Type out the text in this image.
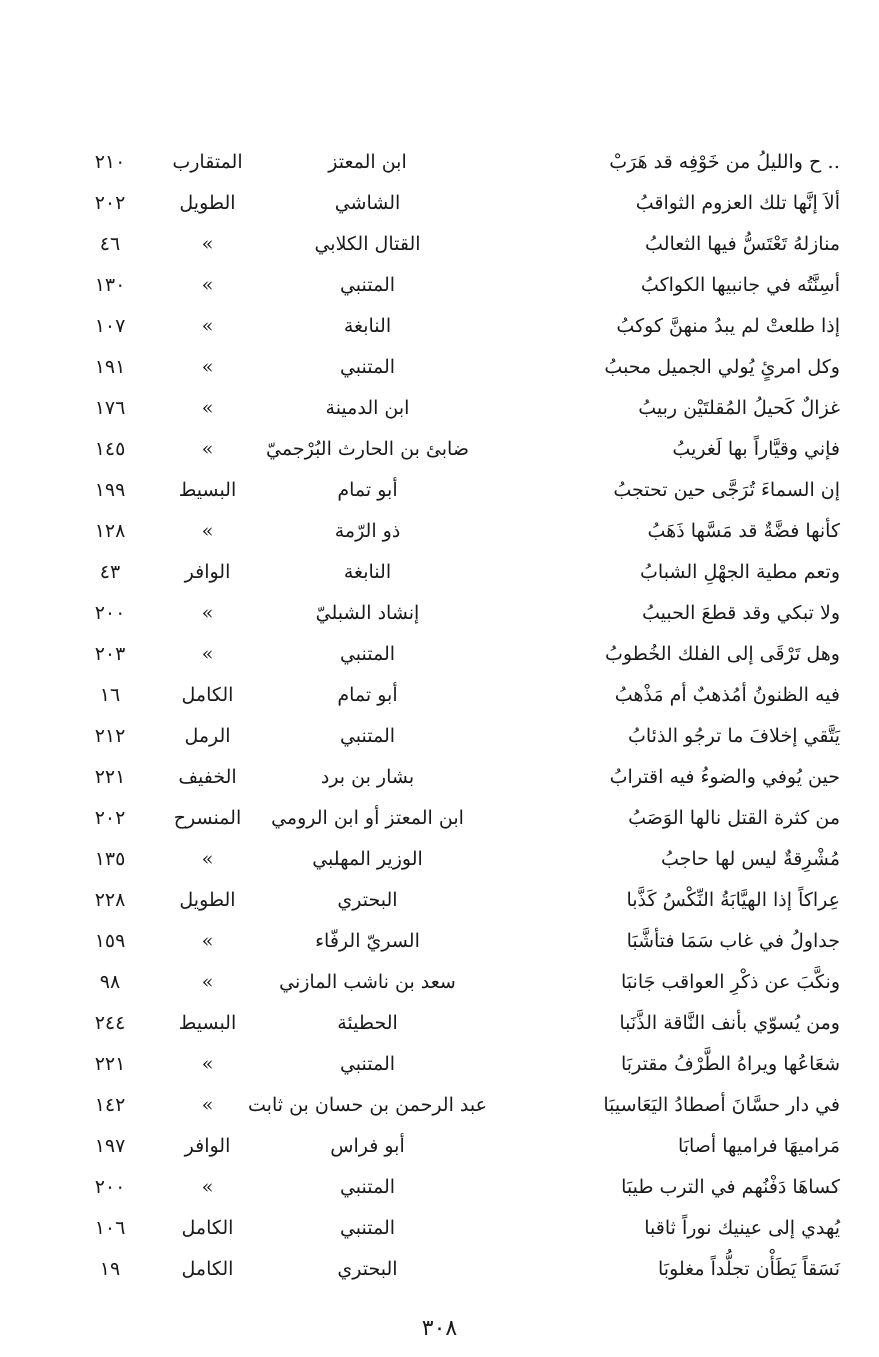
‥ ح والليلُ من خَوْفِه قد هَرَبْ
ابن المعتز
المتقارب
٢١٠
ألاَ إنَّها تلك العزوم الثواقبُ
الشاشي
الطويل
٢٠٢
منازلهُ تَعْتَسُّ فيها الثعالبُ
القتال الكلابي
»
٤٦
أسِنَّتُه في جانبيها الكواكبُ
المتنبي
»
١٣٠
إذا طلعتْ لم يبدُ منهنَّ كوكبُ
النابغة
»
١٠٧
وكل امرئٍ يُولي الجميل محببُ
المتنبي
»
١٩١
غزالٌ كَحيلُ المُقلتَيْن ربيبُ
ابن الدمينة
»
١٧٦
فإني وقيَّاراً بها لَغريبُ
ضابئ بن الحارث البُرْجميّ
»
١٤٥
إن السماءَ تُرَجَّى حين تحتجبُ
أبو تمام
البسيط
١٩٩
كأنها فضَّةٌ قد مَسَّها ذَهَبُ
ذو الرّمة
»
١٢٨
وتعم مطية الجهْلِ الشبابُ
النابغة
الوافر
٤٣
ولا تبكي وقد قطعَ الحبيبُ
إنشاد الشبليّ
»
٢٠٠
وهل تَرْقَى إلى الفلك الخُطوبُ
المتنبي
»
٢٠٣
فيه الظنونُ أمُذهبٌ أم مَذْهبُ
أبو تمام
الكامل
١٦
يَتَّقي إخلافَ ما ترجُو الذئابُ
المتنبي
الرمل
٢١٢
حين يُوفي والضوءُ فيه اقترابُ
بشار بن برد
الخفيف
٢٢١
من كثرة القتل نالها الوَصَبُ
ابن المعتز أو ابن الرومي
المنسرح
٢٠٢
مُشْرِقةٌ ليس لها حاجبُ
الوزير المهلبي
»
١٣٥
عِراكاً إذا الهيَّابَةُ النِّكْسُ كَذَّبا
البحتري
الطويل
٢٢٨
جداولُ في غاب سَمَا فتأشَّبَا
السريّ الرفّاء
»
١٥٩
ونكَّبَ عن ذكْرِ العواقب جَانبَا
سعد بن ناشب المازني
»
٩٨
ومن يُسوّي بأنف النَّاقة الذَّنَبا
الحطيئة
البسيط
٢٤٤
شعَاعُها ويراهُ الطَّرْفُ مقتربَا
المتنبي
»
٢٢١
في دار حسَّانَ أصطادُ اليَعَاسيبَا
عبد الرحمن بن حسان بن ثابت
»
١٤٢
مَراميهَا فراميها أصابَا
أبو فراس
الوافر
١٩٧
كساهَا دَفْنُهم في الترب طيبَا
المتنبي
»
٢٠٠
يُهدي إلى عينيك نوراً ثاقبا
المتنبي
الكامل
١٠٦
نَسَقاً يَطَأْن تجلُّداً مغلوبَا
البحتري
الكامل
١٩
٣٠٨
